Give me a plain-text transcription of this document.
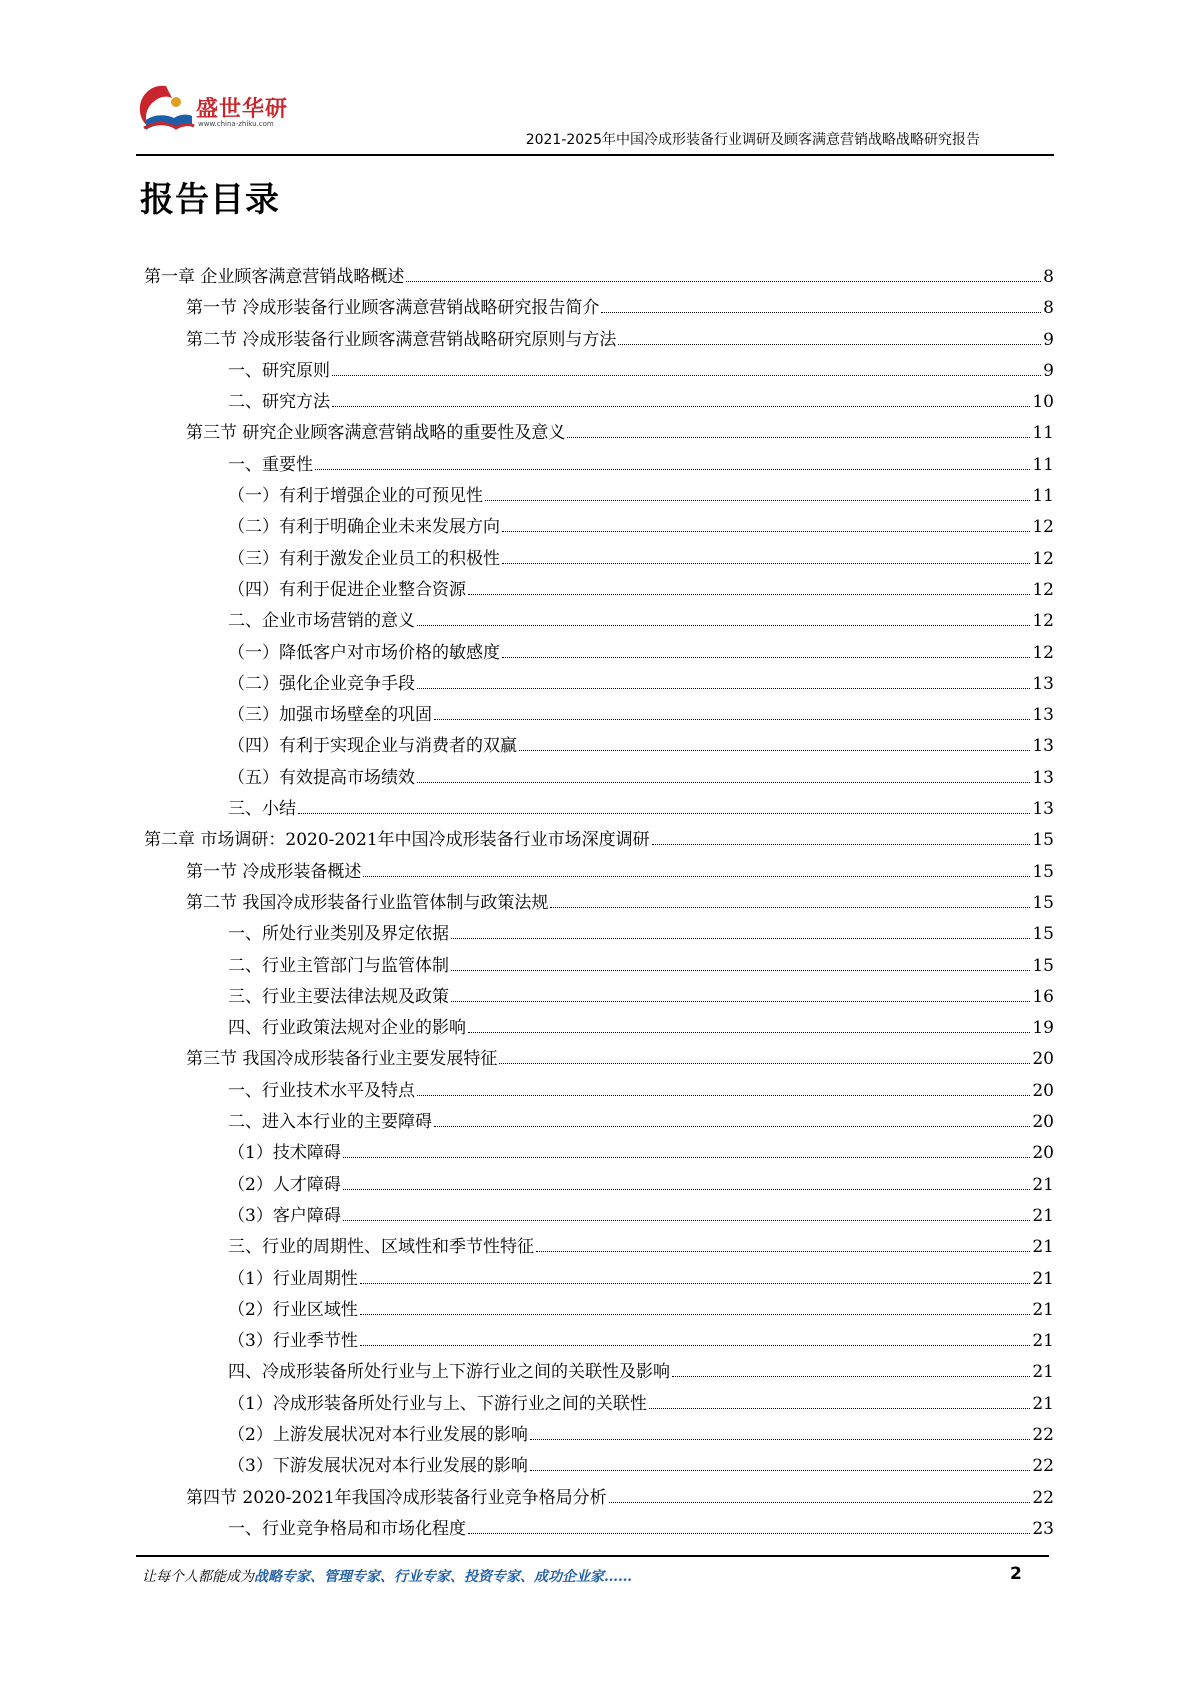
盛世华研
www.china-zhiku.com
2021-2025年中国冷成形装备行业调研及顾客满意营销战略战略研究报告
报告目录
第一章 企业顾客满意营销战略概述	8
第一节 冷成形装备行业顾客满意营销战略研究报告简介	8
第二节 冷成形装备行业顾客满意营销战略研究原则与方法	9
一、研究原则	9
二、研究方法	10
第三节 研究企业顾客满意营销战略的重要性及意义	11
一、重要性	11
（一）有利于增强企业的可预见性	11
（二）有利于明确企业未来发展方向	12
（三）有利于激发企业员工的积极性	12
（四）有利于促进企业整合资源	12
二、企业市场营销的意义	12
（一）降低客户对市场价格的敏感度	12
（二）强化企业竞争手段	13
（三）加强市场壁垒的巩固	13
（四）有利于实现企业与消费者的双赢	13
（五）有效提高市场绩效	13
三、小结	13
第二章 市场调研：2020-2021年中国冷成形装备行业市场深度调研	15
第一节 冷成形装备概述	15
第二节 我国冷成形装备行业监管体制与政策法规	15
一、所处行业类别及界定依据	15
二、行业主管部门与监管体制	15
三、行业主要法律法规及政策	16
四、行业政策法规对企业的影响	19
第三节 我国冷成形装备行业主要发展特征	20
一、行业技术水平及特点	20
二、进入本行业的主要障碍	20
（1）技术障碍	20
（2）人才障碍	21
（3）客户障碍	21
三、行业的周期性、区域性和季节性特征	21
（1）行业周期性	21
（2）行业区域性	21
（3）行业季节性	21
四、冷成形装备所处行业与上下游行业之间的关联性及影响	21
（1）冷成形装备所处行业与上、下游行业之间的关联性	21
（2）上游发展状况对本行业发展的影响	22
（3）下游发展状况对本行业发展的影响	22
第四节 2020-2021年我国冷成形装备行业竞争格局分析	22
一、行业竞争格局和市场化程度	23
让每个人都能成为战略专家、管理专家、行业专家、投资专家、成功企业家……	2
